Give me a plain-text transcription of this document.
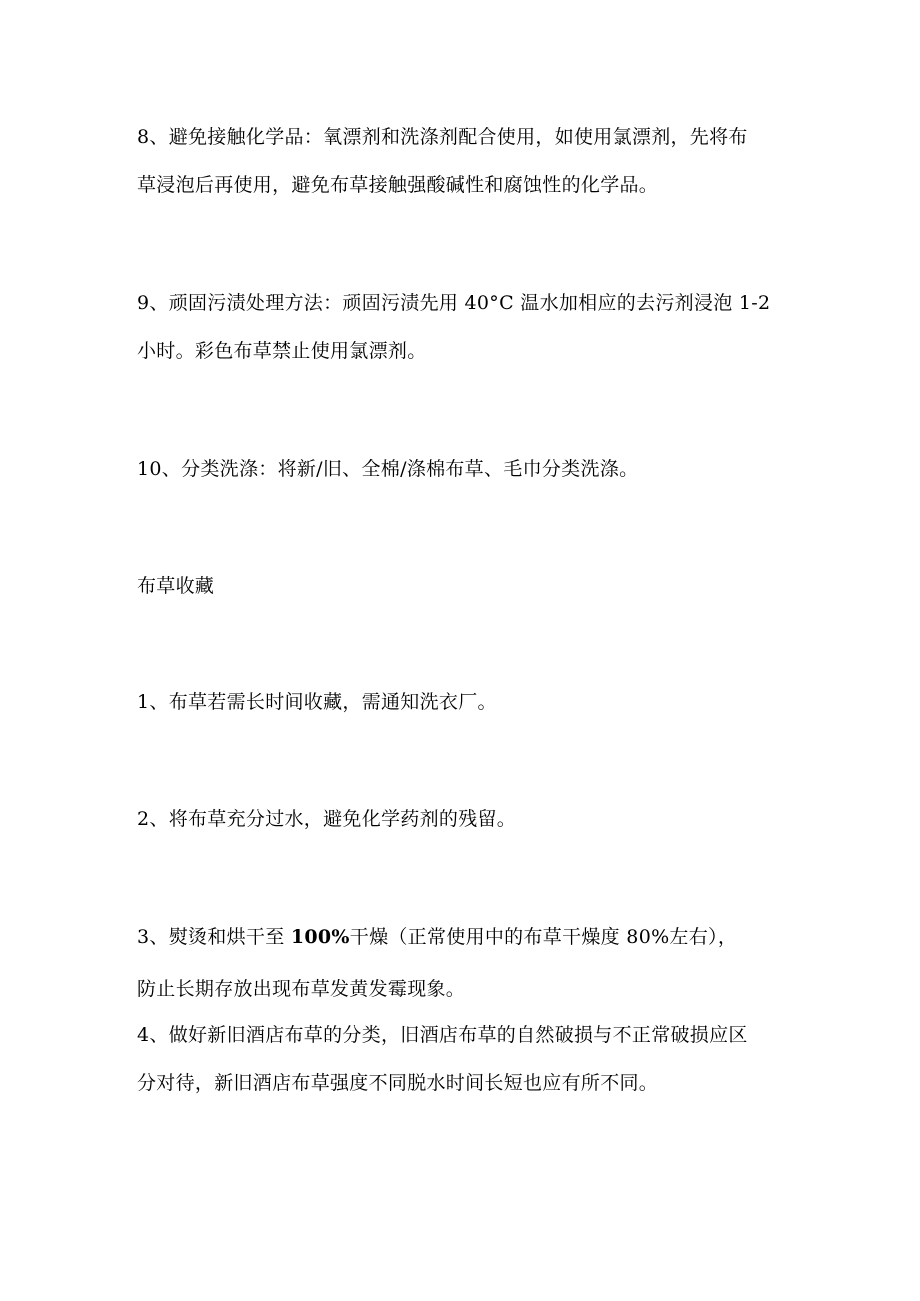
8、避免接触化学品：氧漂剂和洗涤剂配合使用，如使用氯漂剂，先将布

草浸泡后再使用，避免布草接触强酸碱性和腐蚀性的化学品。

9、顽固污渍处理方法：顽固污渍先用 40°C 温水加相应的去污剂浸泡 1-2

小时。彩色布草禁止使用氯漂剂。

10、分类洗涤：将新/旧、全棉/涤棉布草、毛巾分类洗涤。

布草收藏

1、布草若需长时间收藏，需通知洗衣厂。

2、将布草充分过水，避免化学药剂的残留。

3、熨烫和烘干至 100%干燥（正常使用中的布草干燥度 80%左右），

防止长期存放出现布草发黄发霉现象。

4、做好新旧酒店布草的分类，旧酒店布草的自然破损与不正常破损应区

分对待，新旧酒店布草强度不同脱水时间长短也应有所不同。
